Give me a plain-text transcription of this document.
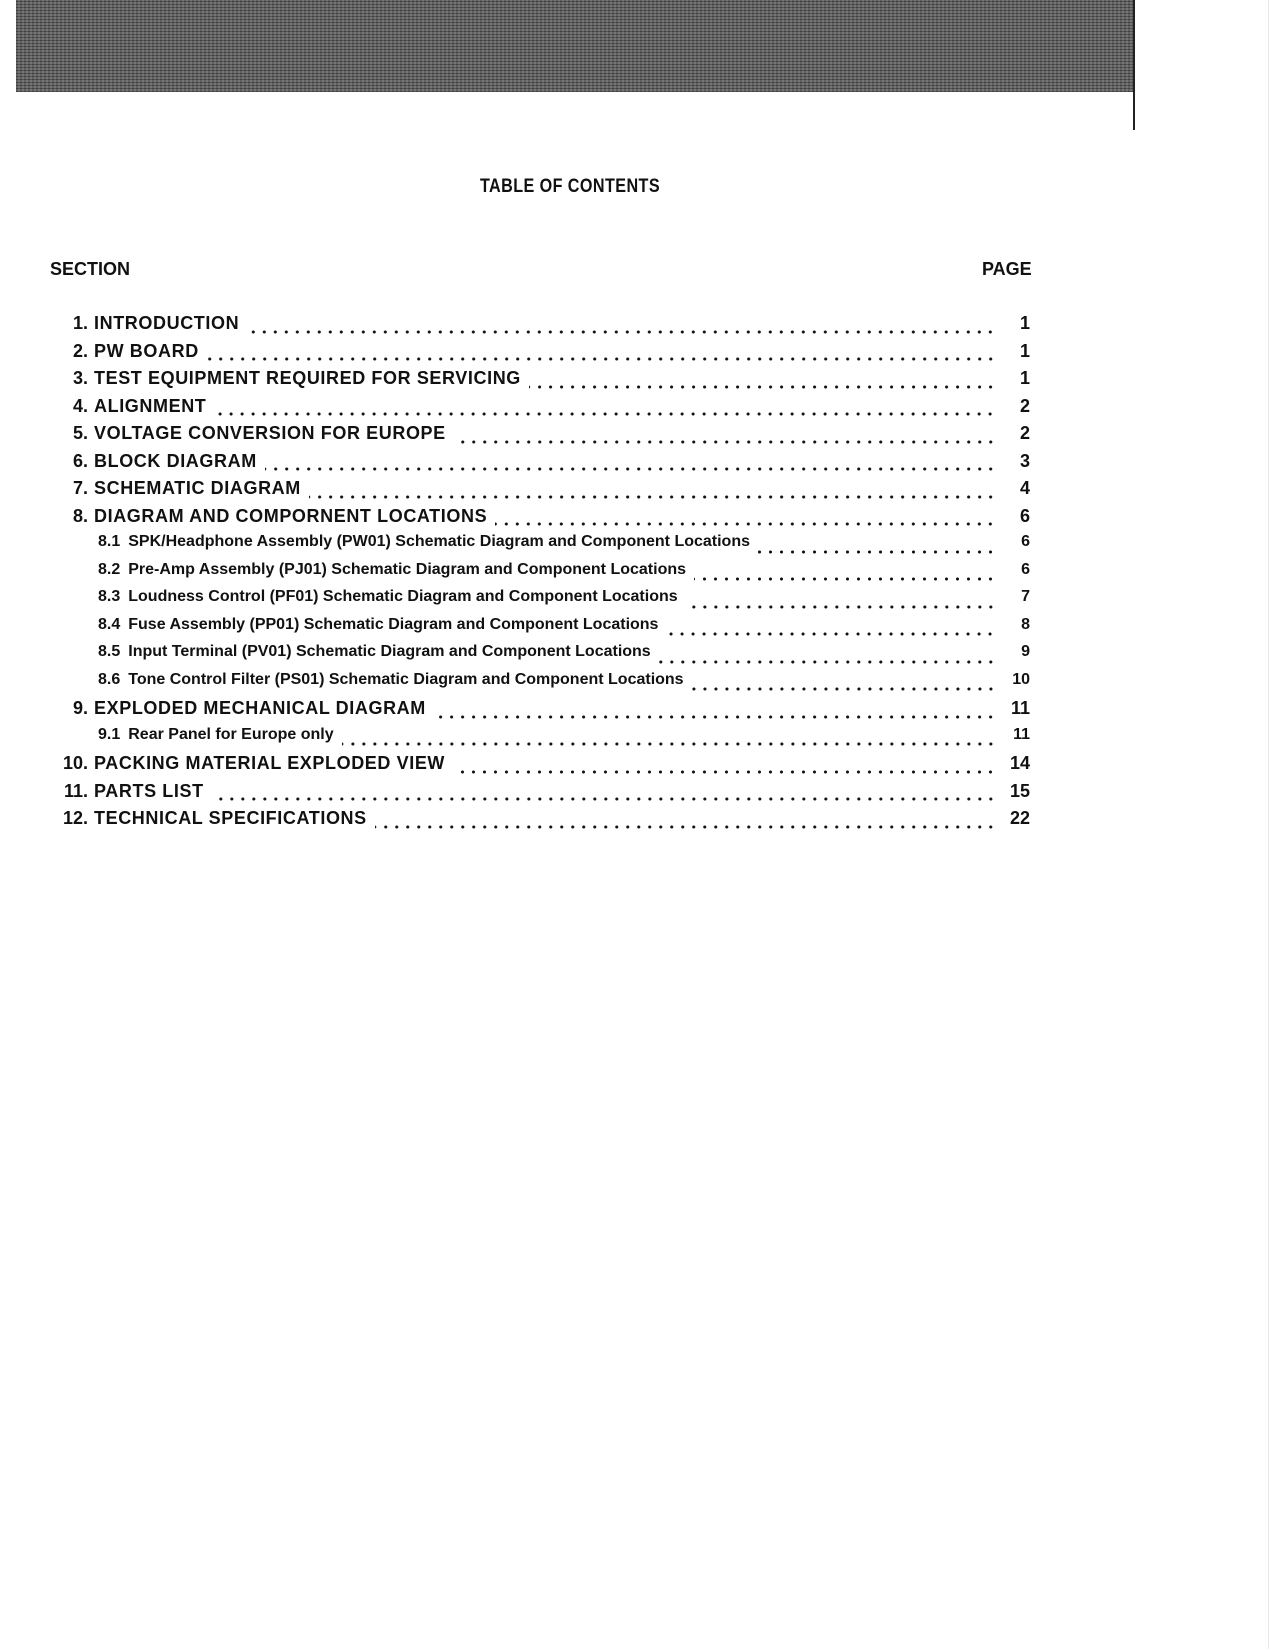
TABLE OF CONTENTS
SECTION	PAGE
1. INTRODUCTION	1
2. PW BOARD	1
3. TEST EQUIPMENT REQUIRED FOR SERVICING	1
4. ALIGNMENT	2
5. VOLTAGE CONVERSION FOR EUROPE	2
6. BLOCK DIAGRAM	3
7. SCHEMATIC DIAGRAM	4
8. DIAGRAM AND COMPORNENT LOCATIONS	6
8.1 SPK/Headphone Assembly (PW01) Schematic Diagram and Component Locations	6
8.2 Pre-Amp Assembly (PJ01) Schematic Diagram and Component Locations	6
8.3 Loudness Control (PF01) Schematic Diagram and Component Locations	7
8.4 Fuse Assembly (PP01) Schematic Diagram and Component Locations	8
8.5 Input Terminal (PV01) Schematic Diagram and Component Locations	9
8.6 Tone Control Filter (PS01) Schematic Diagram and Component Locations	10
9. EXPLODED MECHANICAL DIAGRAM	11
9.1 Rear Panel for Europe only	11
10. PACKING MATERIAL EXPLODED VIEW	14
11. PARTS LIST	15
12. TECHNICAL SPECIFICATIONS	22
